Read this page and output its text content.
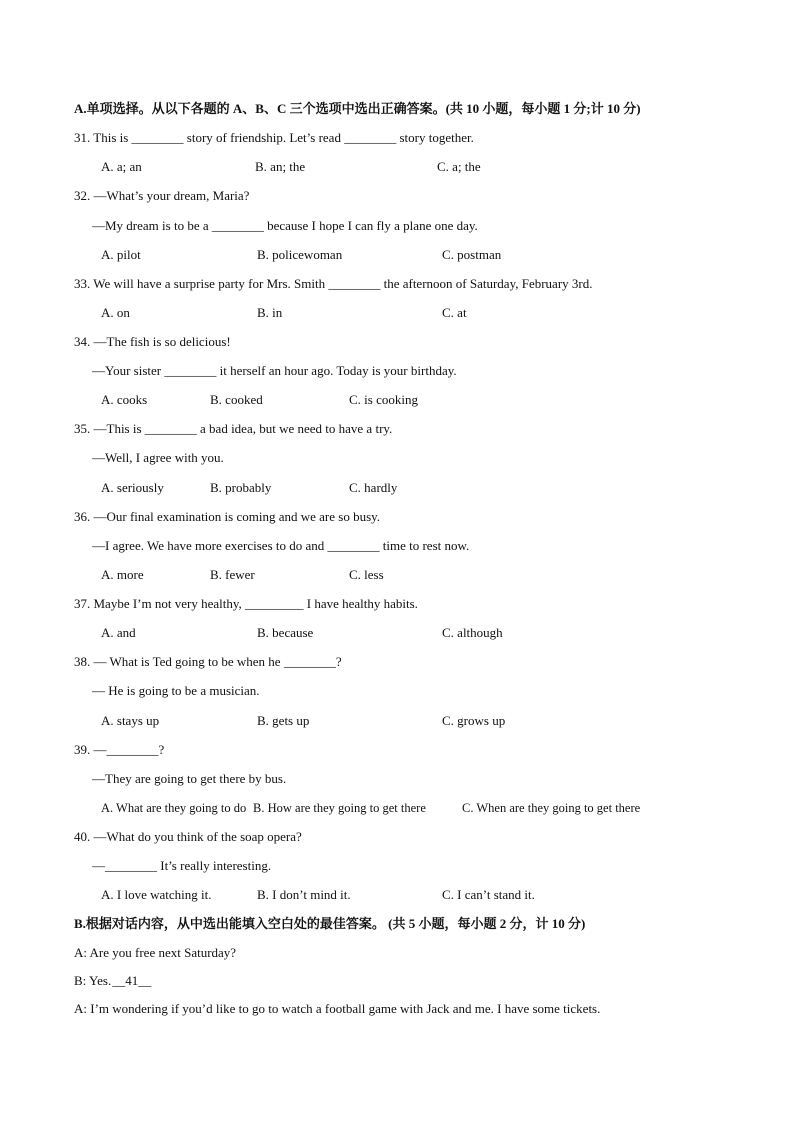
A.单项选择。从以下各题的 A、B、C 三个选项中选出正确答案。(共 10 小题，每小题 1 分;计 10 分)
31. This is ________ story of friendship. Let’s read ________ story together.
A. a; an	B. an; the	C. a; the
32. —What’s your dream, Maria?
—My dream is to be a ________ because I hope I can fly a plane one day.
A. pilot	B. policewoman	C. postman
33. We will have a surprise party for Mrs. Smith ________ the afternoon of Saturday, February 3rd.
A. on	B. in	C. at
34. —The fish is so delicious!
—Your sister ________ it herself an hour ago. Today is your birthday.
A. cooks	B. cooked	C. is cooking
35. —This is ________ a bad idea, but we need to have a try.
—Well, I agree with you.
A. seriously	B. probably	C. hardly
36. —Our final examination is coming and we are so busy.
—I agree. We have more exercises to do and ________ time to rest now.
A. more	B. fewer	C. less
37. Maybe I’m not very healthy, _________ I have healthy habits.
A. and	B. because	C. although
38. — What is Ted going to be when he ________?
— He is going to be a musician.
A. stays up	B. gets up	C. grows up
39. —________?
—They are going to get there by bus.
A. What are they going to do B. How are they going to get there	C. When are they going to get there
40. —What do you think of the soap opera?
—________ It’s really interesting.
A. I love watching it.	B. I don’t mind it.	C. I can’t stand it.
B.根据对话内容，从中选出能填入空白处的最佳答案。 (共 5 小题，每小题 2 分，计 10 分)
A: Are you free next Saturday?
B: Yes.__41__
A: I’m wondering if you’d like to go to watch a football game with Jack and me. I have some tickets.
